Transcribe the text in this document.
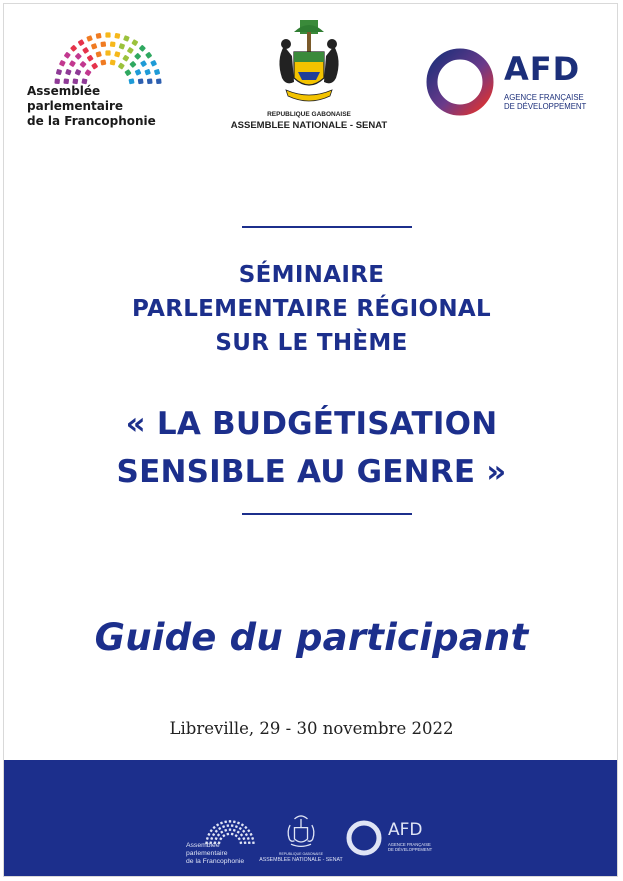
Assemblée
parlementaire
de la Francophonie	REPUBLIQUE GABONAISE
ASSEMBLEE NATIONALE - SENAT
AFD
AGENCE FRANÇAISE
DE DÉVELOPPEMENT
SÉMINAIRE
PARLEMENTAIRE RÉGIONAL
SUR LE THÈME
« LA BUDGÉTISATION
SENSIBLE AU GENRE »
Guide du participant
Libreville, 29 - 30 novembre 2022
Assemblée
parlementaire
de la Francophonie
REPUBLIQUE GABONAISE
ASSEMBLEE NATIONALE - SENAT
AFD
AGENCE FRANÇAISE
DE DÉVELOPPEMENT
